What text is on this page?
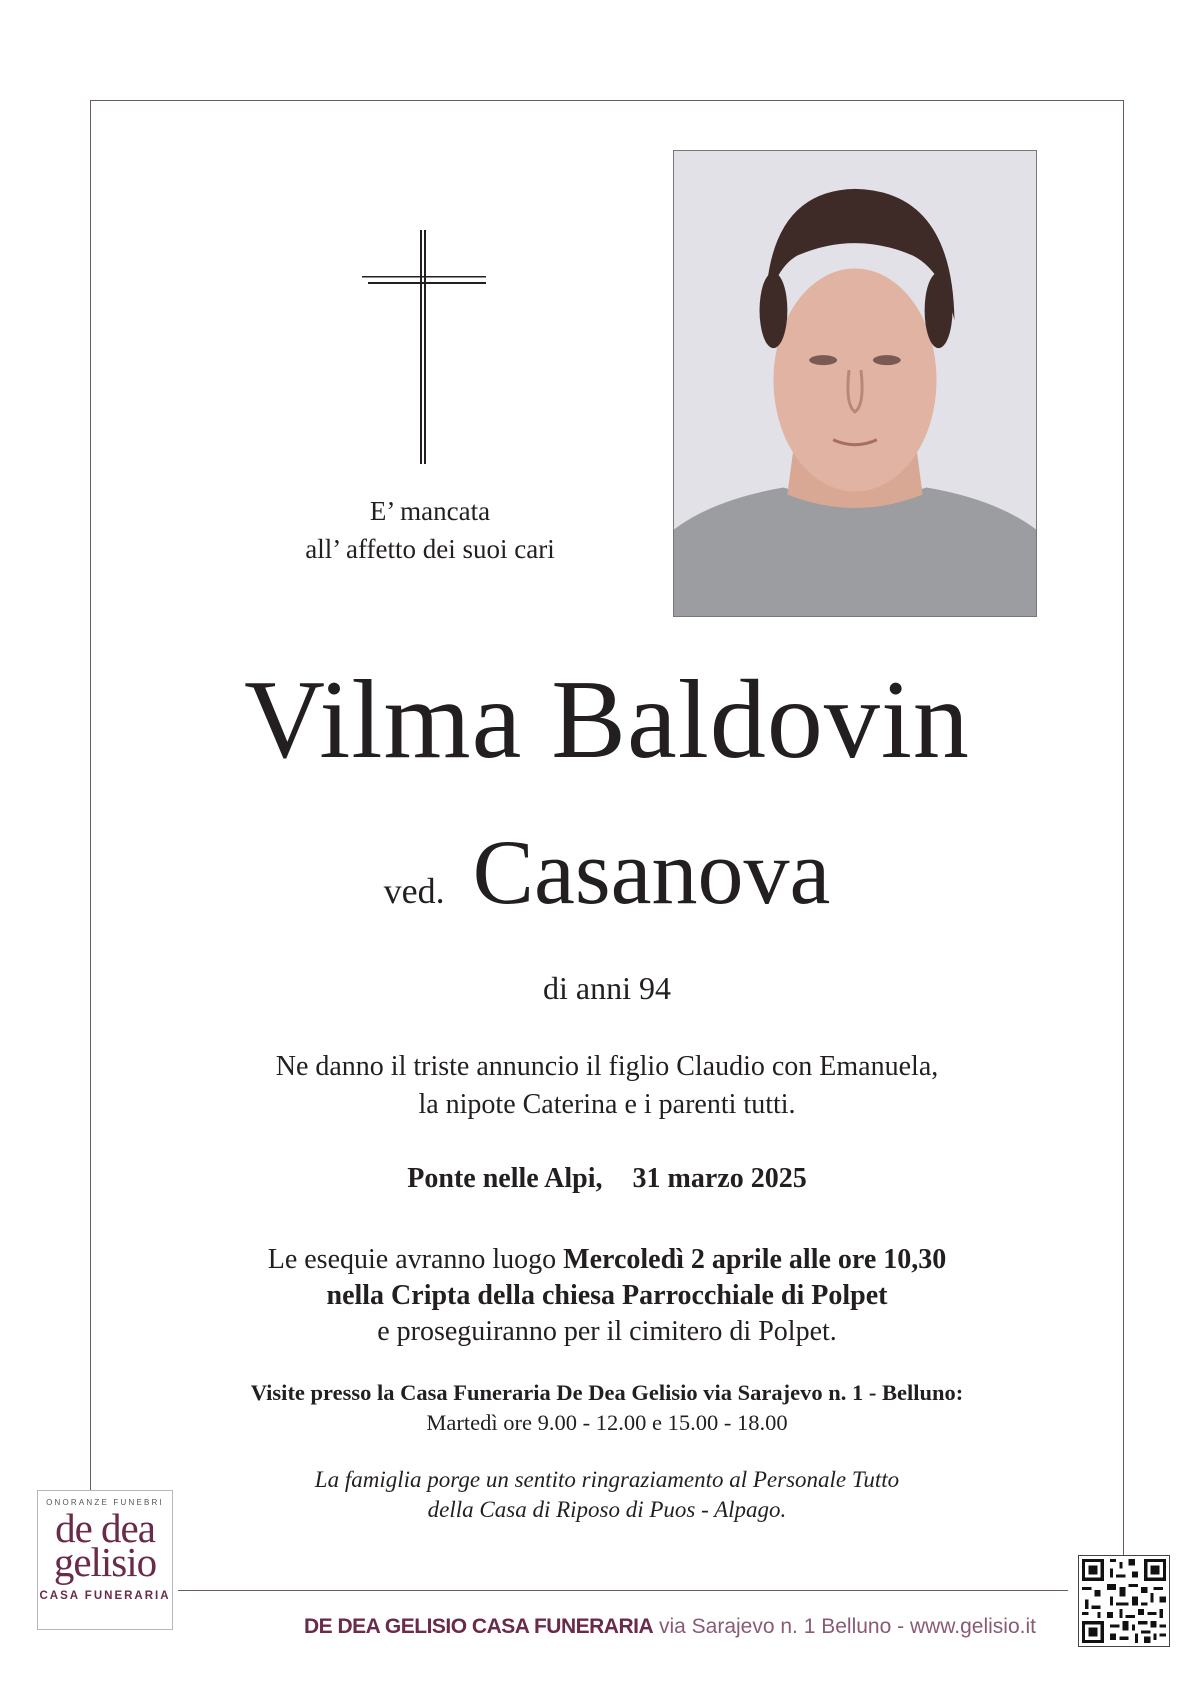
E’ mancata
all’ affetto dei suoi cari
Vilma Baldovin
ved. Casanova
di anni 94
Ne danno il triste annuncio il figlio Claudio con Emanuela,
la nipote Caterina e i parenti tutti.
Ponte nelle Alpi, 31 marzo 2025
Le esequie avranno luogo Mercoledì 2 aprile alle ore 10,30
nella Cripta della chiesa Parrocchiale di Polpet
e proseguiranno per il cimitero di Polpet.
Visite presso la Casa Funeraria De Dea Gelisio via Sarajevo n. 1 - Belluno:
Martedì ore 9.00 - 12.00 e 15.00 - 18.00
La famiglia porge un sentito ringraziamento al Personale Tutto
della Casa di Riposo di Puos - Alpago.
ONORANZE FUNEBRI
de dea
gelisio
CASA FUNERARIA
DE DEA GELISIO CASA FUNERARIA via Sarajevo n. 1 Belluno - www.gelisio.it
